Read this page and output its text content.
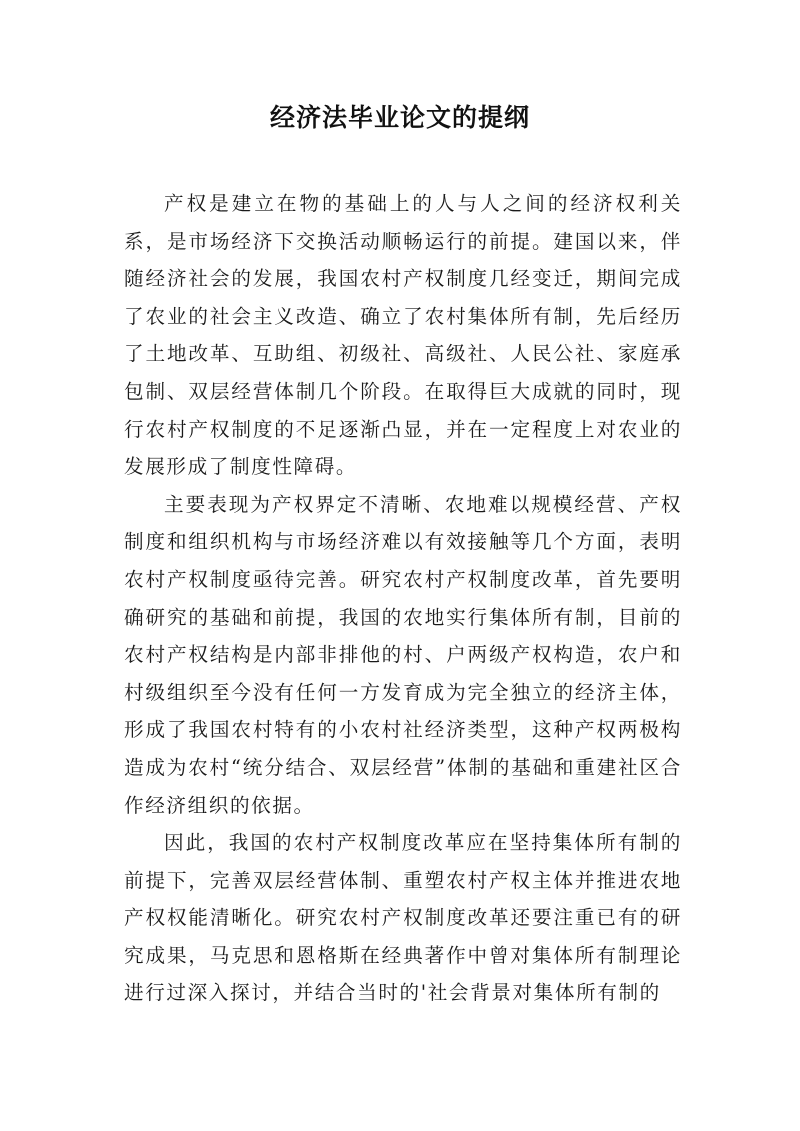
经济法毕业论文的提纲

产权是建立在物的基础上的人与人之间的经济权利关系，是市场经济下交换活动顺畅运行的前提。建国以来，伴随经济社会的发展，我国农村产权制度几经变迁，期间完成了农业的社会主义改造、确立了农村集体所有制，先后经历了土地改革、互助组、初级社、高级社、人民公社、家庭承包制、双层经营体制几个阶段。在取得巨大成就的同时，现行农村产权制度的不足逐渐凸显，并在一定程度上对农业的发展形成了制度性障碍。

主要表现为产权界定不清晰、农地难以规模经营、产权制度和组织机构与市场经济难以有效接触等几个方面，表明农村产权制度亟待完善。研究农村产权制度改革，首先要明确研究的基础和前提，我国的农地实行集体所有制，目前的农村产权结构是内部非排他的村、户两级产权构造，农户和村级组织至今没有任何一方发育成为完全独立的经济主体，形成了我国农村特有的小农村社经济类型，这种产权两极构造成为农村“统分结合、双层经营”体制的基础和重建社区合作经济组织的依据。

因此，我国的农村产权制度改革应在坚持集体所有制的前提下，完善双层经营体制、重塑农村产权主体并推进农地产权权能清晰化。研究农村产权制度改革还要注重已有的研究成果，马克思和恩格斯在经典著作中曾对集体所有制理论进行过深入探讨，并结合当时的'社会背景对集体所有制的
